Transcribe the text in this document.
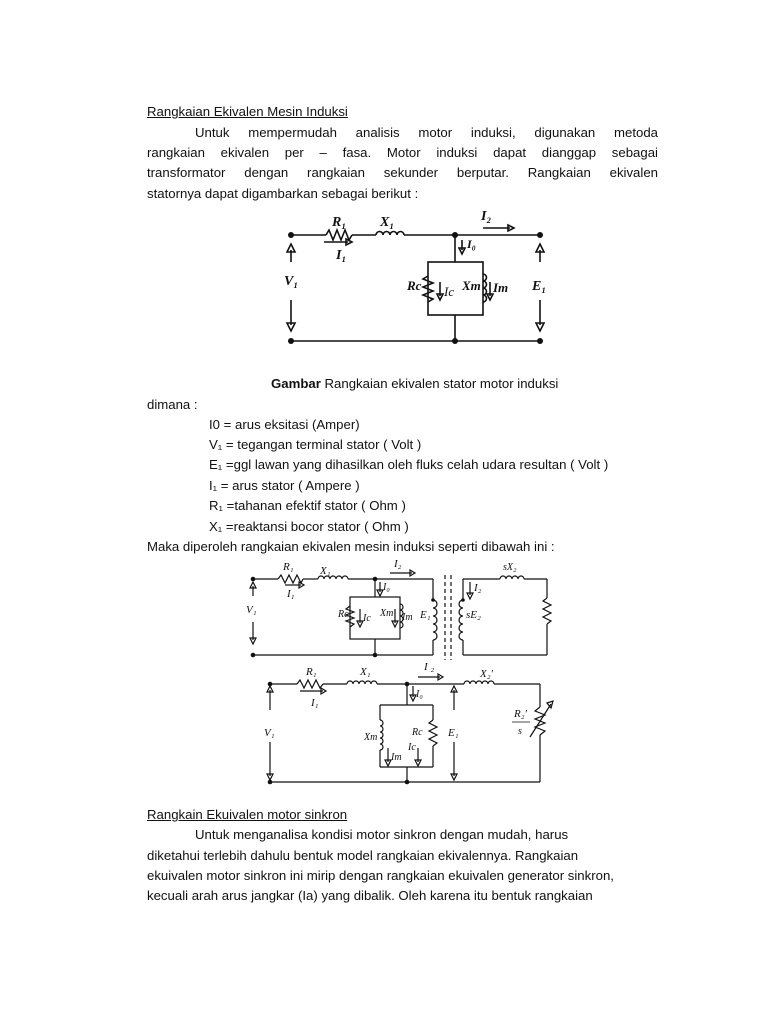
Rangkaian Ekivalen Mesin Induksi
Untuk mempermudah analisis motor induksi, digunakan metoda
rangkaian ekivalen per – fasa. Motor induksi dapat dianggap sebagai
transformator dengan rangkaian sekunder berputar. Rangkaian ekivalen
statornya dapat digambarkan sebagai berikut :
R₁ X₁
I₁
I₂
I₀
V₁	Rc Ic Xm Im E₁
Gambar Rangkaian ekivalen stator motor induksi
dimana :
I0 = arus eksitasi (Amper)
V₁ = tegangan terminal stator ( Volt )
E₁ =ggl lawan yang dihasilkan oleh fluks celah udara resultan ( Volt )
I₁ = arus stator ( Ampere )
R₁ =tahanan efektif stator ( Ohm )
X₁ =reaktansi bocor stator ( Ohm )
Maka diperoleh rangkaian ekivalen mesin induksi seperti dibawah ini :
R₁ X₁
I₁
I₂
I₂
I₀
V₁	Rc Ic Xm Im E₁
sX₂
sE₂
R₁	X₁
I₁
I ₂
X₂'
I₀
V₁	Xm
Im
Rc
Ic
E₁
R₂'
s
Rangkain Ekuivalen motor sinkron
Untuk menganalisa kondisi motor sinkron dengan mudah, harus
diketahui terlebih dahulu bentuk model rangkaian ekivalennya. Rangkaian
ekuivalen motor sinkron ini mirip dengan rangkaian ekuivalen generator sinkron,
kecuali arah arus jangkar (Ia) yang dibalik. Oleh karena itu bentuk rangkaian
